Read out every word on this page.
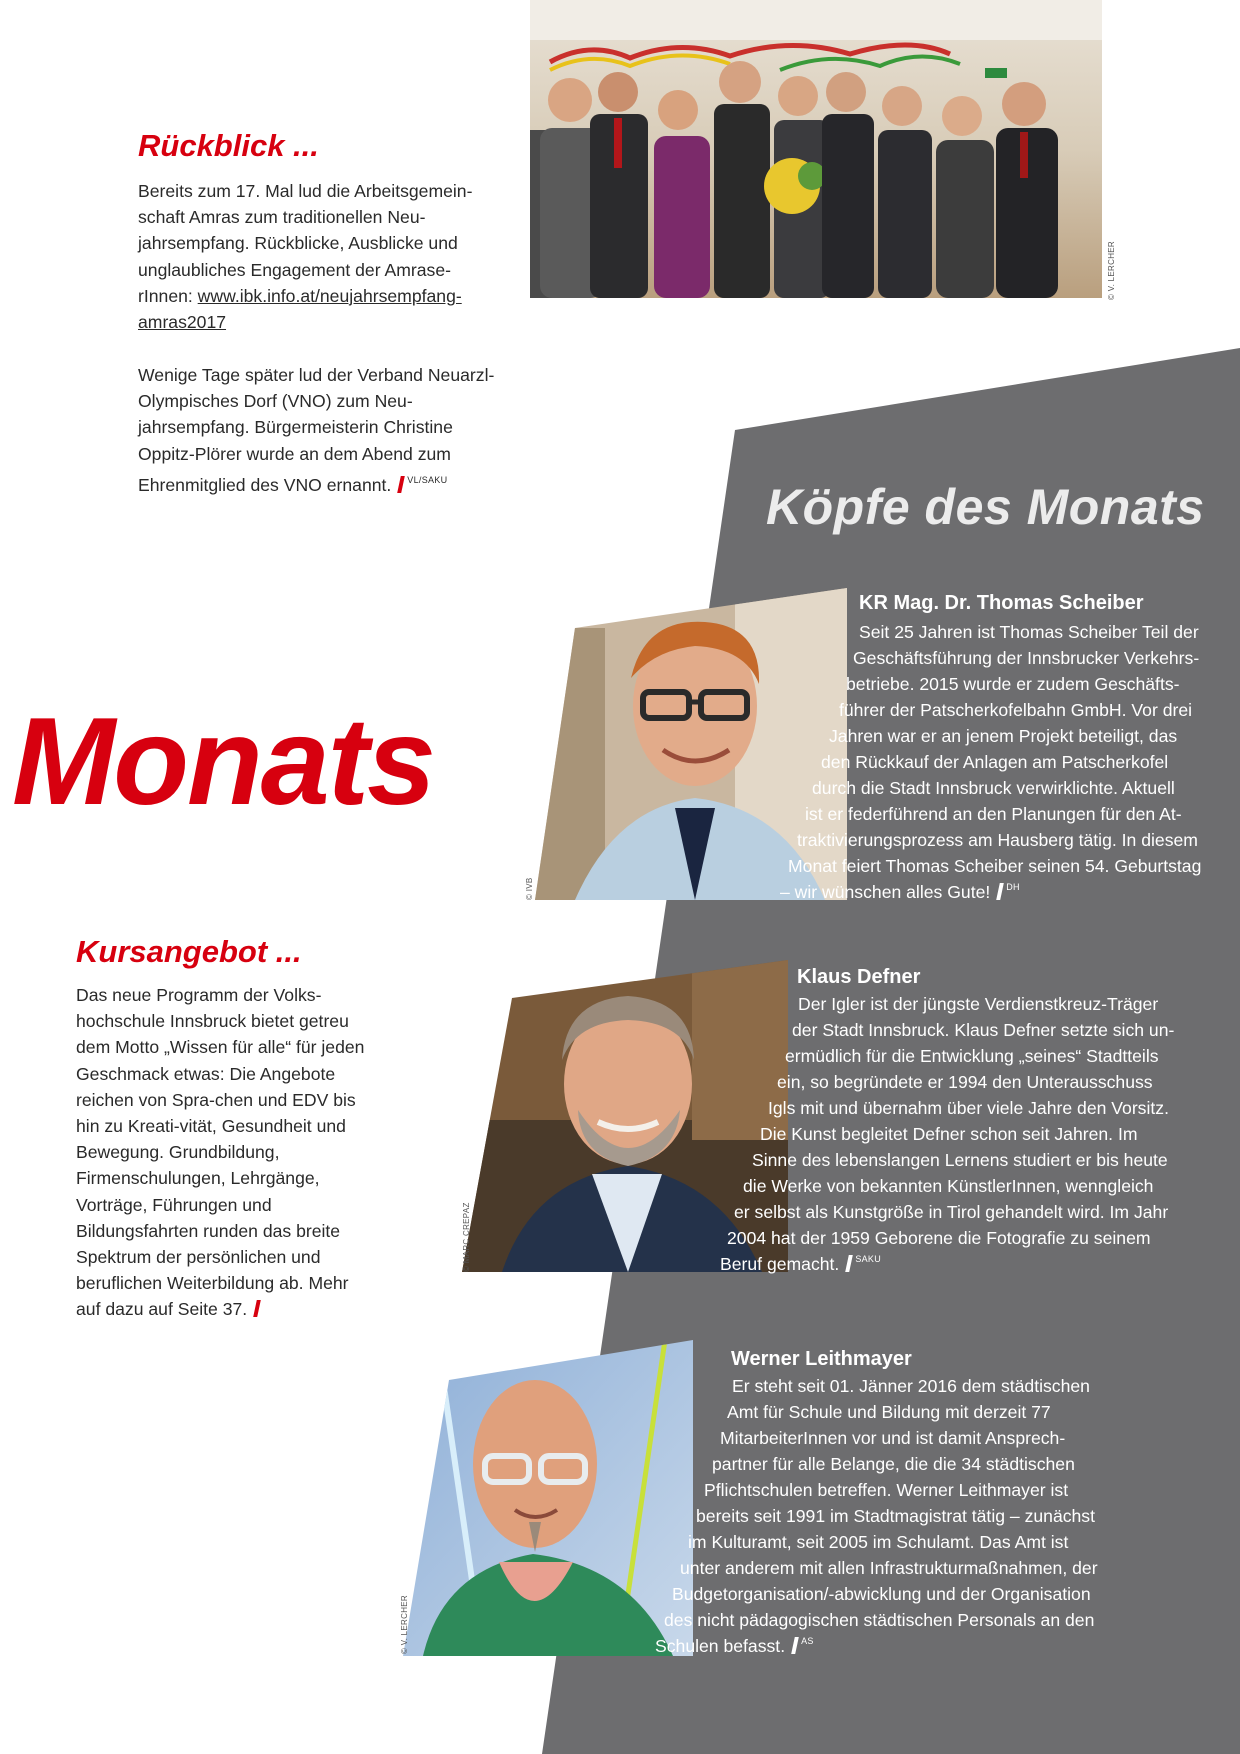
© V. LERCHER
Rückblick ...

Bereits zum 17. Mal lud die Arbeitsgemein-schaft Amras zum traditionellen Neu-jahrsempfang. Rückblicke, Ausblicke und unglaubliches Engagement der Amrase-rInnen: www.ibk.info.at/neujahrsempfang-amras2017

Wenige Tage später lud der Verband Neuarzl-Olympisches Dorf (VNO) zum Neu-jahrsempfang. Bürgermeisterin Christine Oppitz-Plörer wurde an dem Abend zum Ehrenmitglied des VNO ernannt. $^{VL/SAKU}$

Monats
Köpfe des Monats
Kursangebot ...

Das neue Programm der Volks-hochschule Innsbruck bietet getreu dem Motto „Wissen für alle“ für jeden Geschmack etwas: Die Angebote reichen von Spra-chen und EDV bis hin zu Kreati-vität, Gesundheit und Bewegung. Grundbildung, Firmenschulungen, Lehrgänge, Vorträge, Führungen und Bildungsfahrten runden das breite Spektrum der persönlichen und beruflichen Weiterbildung ab. Mehr auf dazu auf Seite 37.

© IVB
KR Mag. Dr. Thomas Scheiber
Seit 25 Jahren ist Thomas Scheiber Teil der
Geschäftsführung der Innsbrucker Verkehrs-
betriebe. 2015 wurde er zudem Geschäfts-
führer der Patscherkofelbahn GmbH. Vor drei
Jahren war er an jenem Projekt beteiligt, das
den Rückkauf der Anlagen am Patscherkofel
durch die Stadt Innsbruck verwirklichte. Aktuell
ist er federführend an den Planungen für den At-
traktivierungsprozess am Hausberg tätig. In diesem
Monat feiert Thomas Scheiber seinen 54. Geburtstag
– wir wünschen alles Gute! $^{DH}$
© MARC CREPAZ
Klaus Defner
Der Igler ist der jüngste Verdienstkreuz-Träger
der Stadt Innsbruck. Klaus Defner setzte sich un-
ermüdlich für die Entwicklung „seines“ Stadtteils
ein, so begründete er 1994 den Unterausschuss
Igls mit und übernahm über viele Jahre den Vorsitz.
Die Kunst begleitet Defner schon seit Jahren. Im
Sinne des lebenslangen Lernens studiert er bis heute
die Werke von bekannten KünstlerInnen, wenngleich
er selbst als Kunstgröße in Tirol gehandelt wird. Im Jahr
2004 hat der 1959 Geborene die Fotografie zu seinem
Beruf gemacht. $^{SAKU}$
© V. LERCHER
Werner Leithmayer
Er steht seit 01. Jänner 2016 dem städtischen
Amt für Schule und Bildung mit derzeit 77
MitarbeiterInnen vor und ist damit Ansprech-
partner für alle Belange, die die 34 städtischen
Pflichtschulen betreffen. Werner Leithmayer ist
bereits seit 1991 im Stadtmagistrat tätig – zunächst
im Kulturamt, seit 2005 im Schulamt. Das Amt ist
unter anderem mit allen Infrastrukturmaßnahmen, der
Budgetorganisation/-abwicklung und der Organisation
des nicht pädagogischen städtischen Personals an den
Schulen befasst. $^{AS}$
